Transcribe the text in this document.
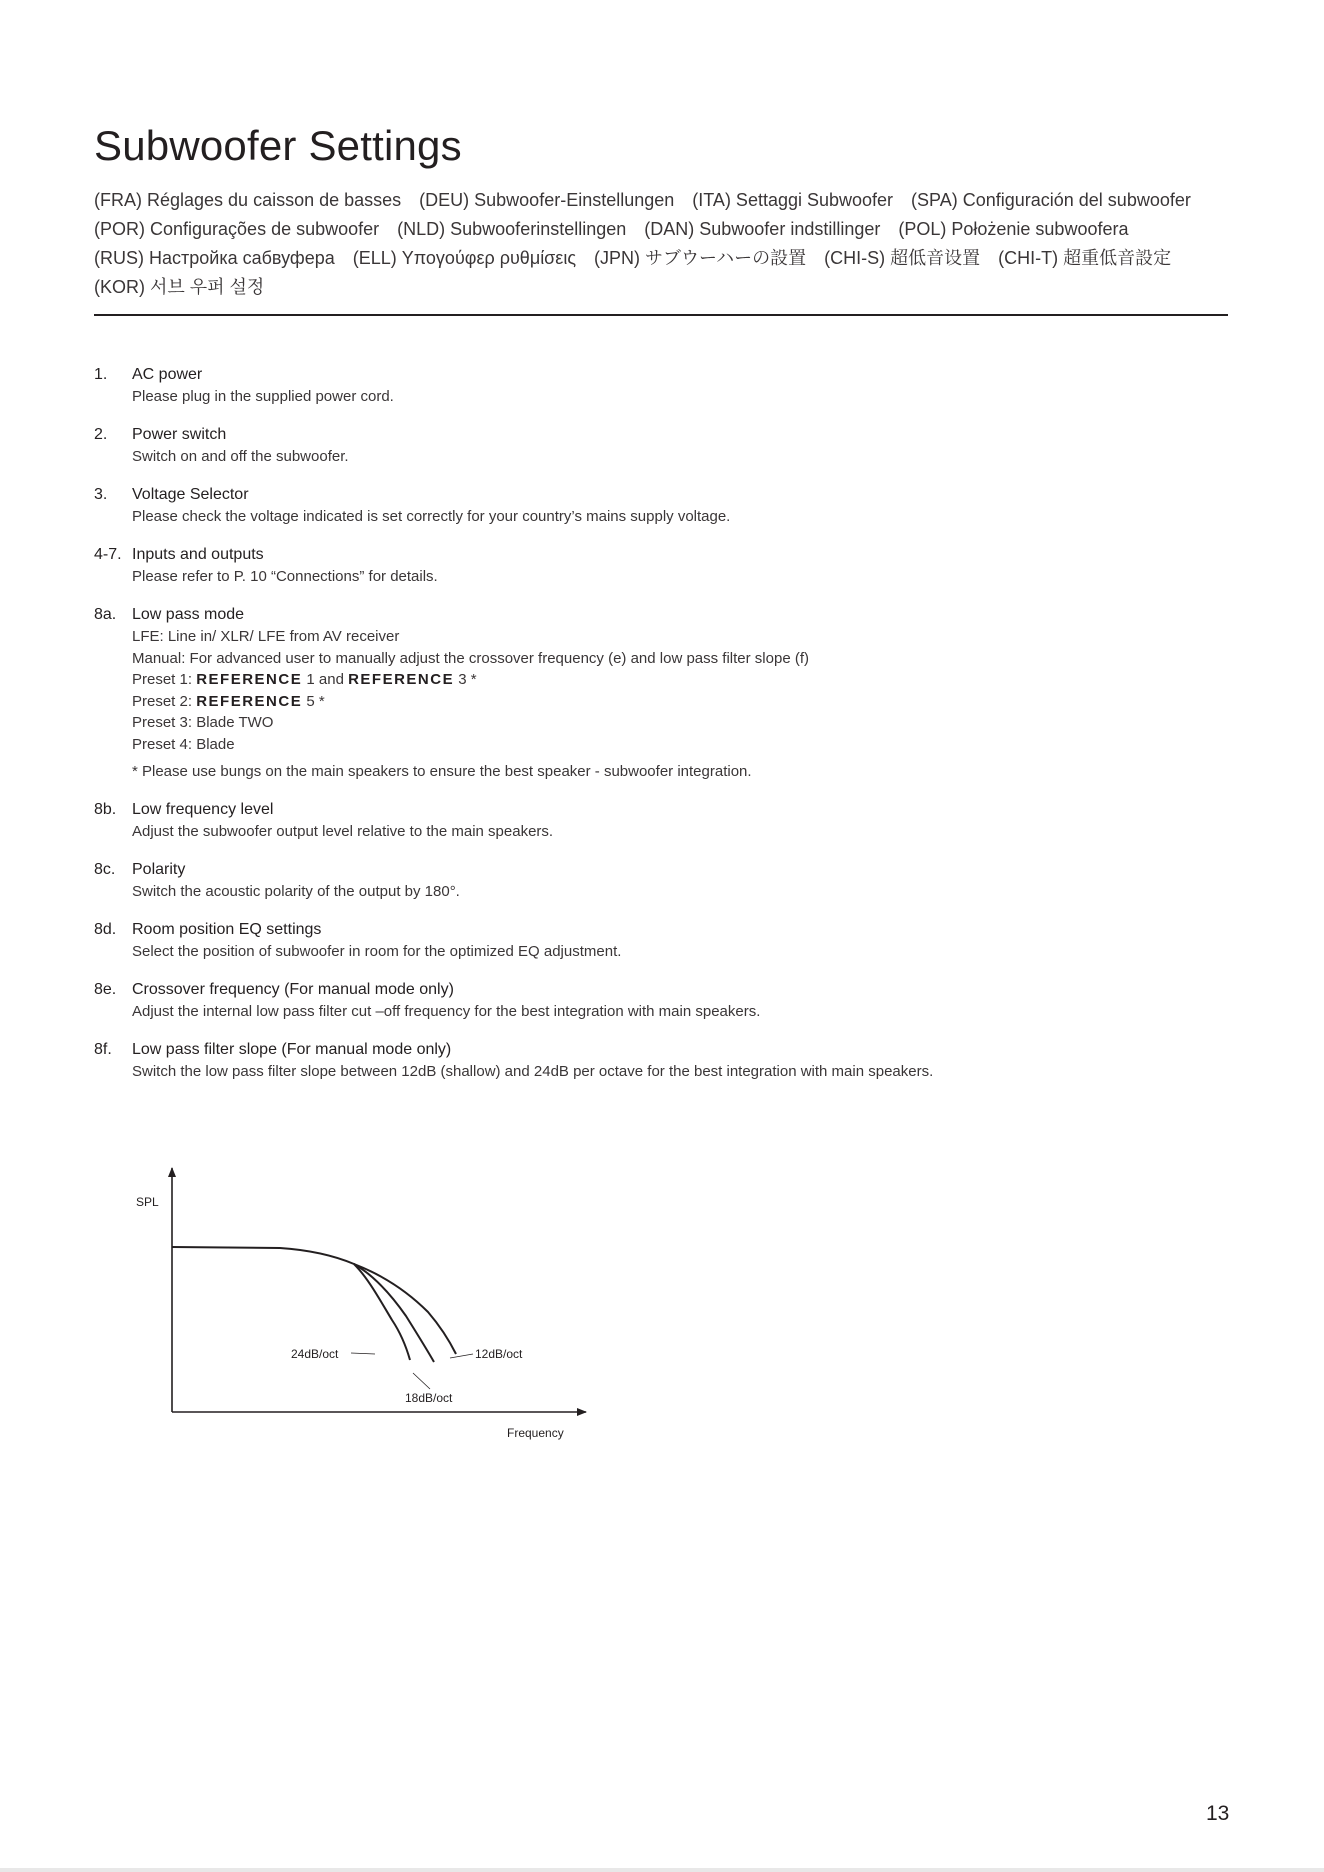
Subwoofer Settings
(FRA) Réglages du caisson de basses (DEU) Subwoofer-Einstellungen (ITA) Settaggi Subwoofer (SPA) Configuración del subwoofer
(POR) Configurações de subwoofer (NLD) Subwooferinstellingen (DAN) Subwoofer indstillinger (POL) Położenie subwoofera
(RUS) Настройка сабвуфера (ELL) Υπογούφερ ρυθμίσεις (JPN) サブウーハーの設置 (CHI-S) 超低音设置 (CHI-T) 超重低音設定
(KOR) 서브 우퍼 설정
1. AC power
Please plug in the supplied power cord.
2. Power switch
Switch on and off the subwoofer.
3. Voltage Selector
Please check the voltage indicated is set correctly for your country’s mains supply voltage.
4-7. Inputs and outputs
Please refer to P. 10 “Connections” for details.
8a. Low pass mode
LFE: Line in/ XLR/ LFE from AV receiver
Manual: For advanced user to manually adjust the crossover frequency (e) and low pass filter slope (f)
Preset 1: REFERENCE 1 and REFERENCE 3 *
Preset 2: REFERENCE 5 *
Preset 3: Blade TWO
Preset 4: Blade
* Please use bungs on the main speakers to ensure the best speaker - subwoofer integration.
8b. Low frequency level
Adjust the subwoofer output level relative to the main speakers.
8c. Polarity
Switch the acoustic polarity of the output by 180°.
8d. Room position EQ settings
Select the position of subwoofer in room for the optimized EQ adjustment.
8e. Crossover frequency (For manual mode only)
Adjust the internal low pass filter cut –off frequency for the best integration with main speakers.
8f. Low pass filter slope (For manual mode only)
Switch the low pass filter slope between 12dB (shallow) and 24dB per octave for the best integration with main speakers.
SPL
Frequency
24dB/oct
18dB/oct
12dB/oct
13
